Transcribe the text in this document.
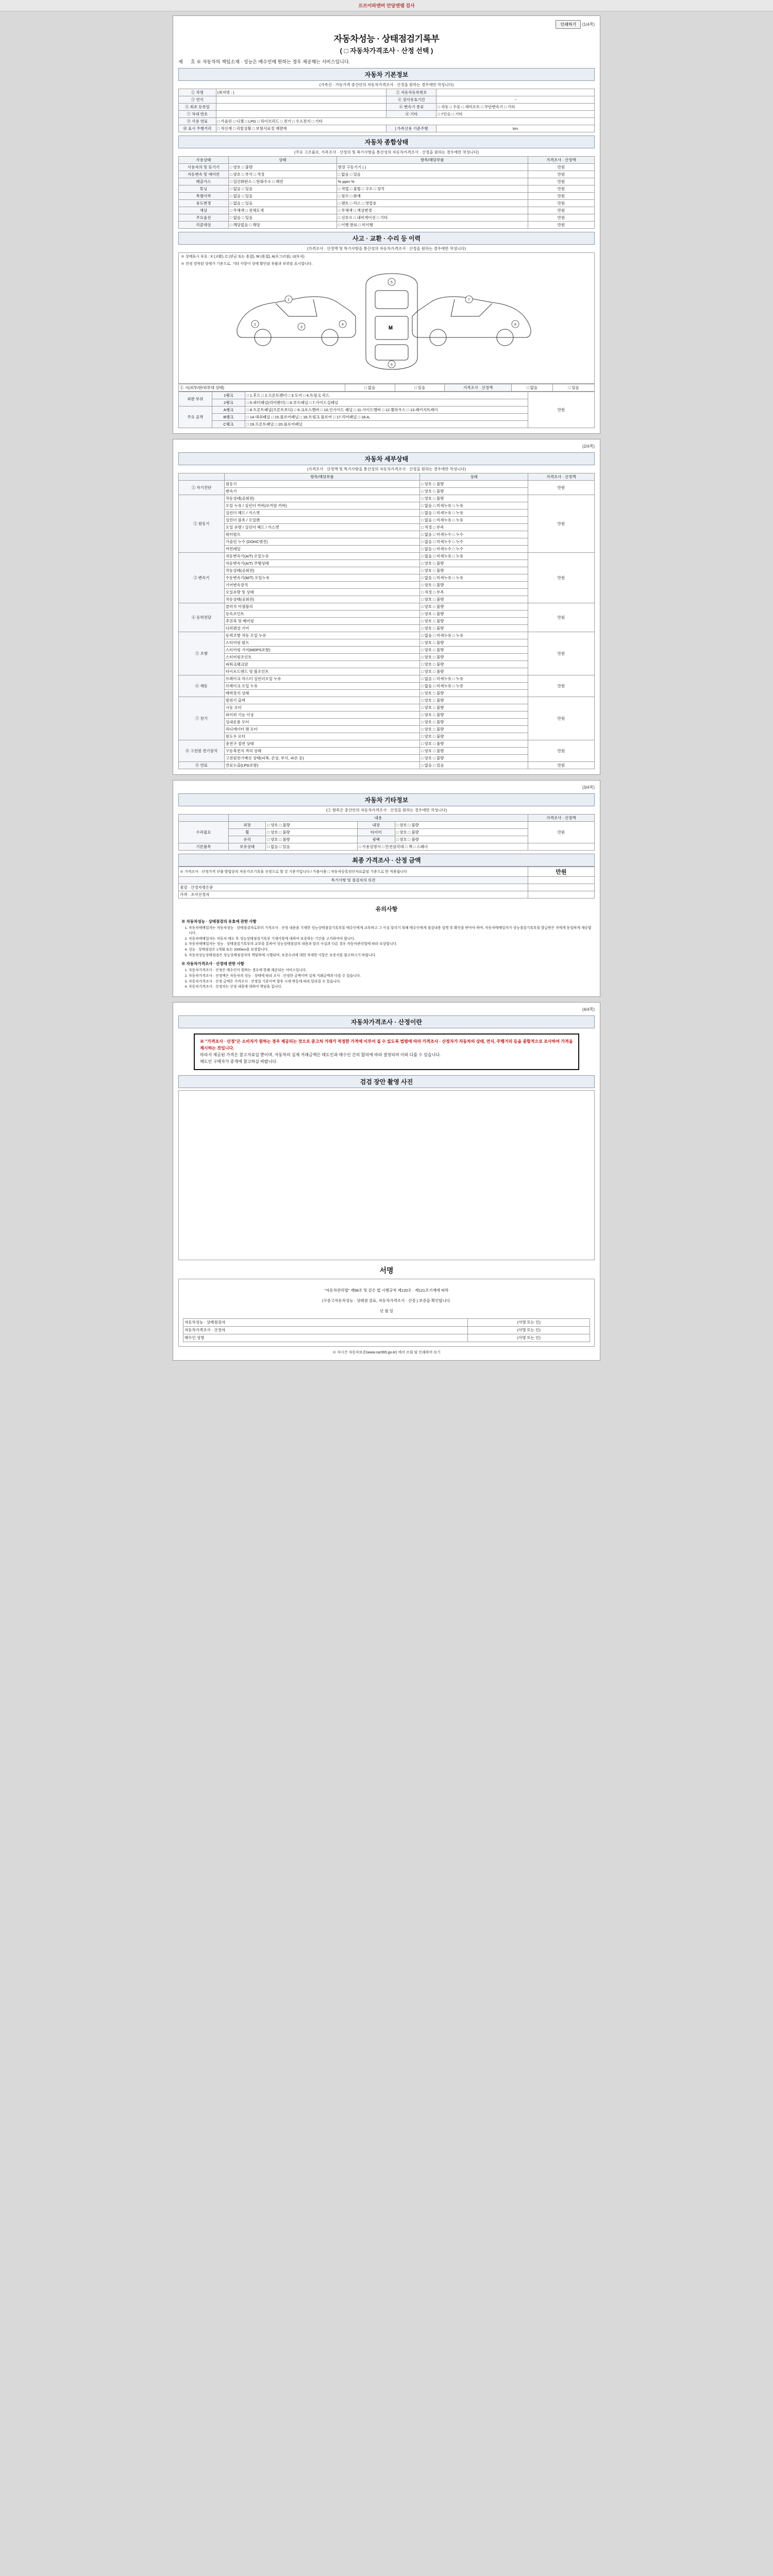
르쓰어파앤버 안당앤램 검사
인쇄하기 (1/4쪽)
자동차성능 · 상태점검기록부
( □ 자동차가격조사 · 산정 선택 )
제	호 ※ 자동차의 책임소재 · 성능은 매수인에 원하는 경우 제공해는 서비스입니다.
자동차 기본정보
(가족신 · 가동가격 중산안의 자동차가격조사 · 산정을 원하는 경우에만 작성니다)
① 차명	(최저명 : )	② 자동차등록번호	
③ 연식		④ 검사유효기간	~
⑤ 최초 등록일		⑥ 변속기 종류	□ 자동 □ 수동 □ 세미오토 □ 무단변속기 □ 기타
⑦ 차대 번호		⑧ 기타	□ 7인승 □ 기타
⑨ 사용 연료	□ 가솔린 □ 디젤 □ LPG □ 하이브리드 □ 전기 □ 수소전지 □ 기타		
⑩ 표시 주행거리	□ 적산계 □ 리빌상황 □ 보험사료정 계량계	| 가족산용 기준주행	km
자동차 종합상태
(주요 고조율로, 가족조사 · 산정의 및 복기사항을 통산성의 자동차가격조사 · 산정을 원하는 경우에만 작성니다)
사용상태	상태	항목/해당부품	가격조사 · 산정액
사용자의 및 등기기	□ 양호 □ 불량	현장 구동기기 ( )	만원
자동변속 및 에어컨	□ 양호 □ 부식 □ 적정	□ 없음 □ 있음	만원
배출가스	□ 일산화탄소 □ 탄화수소 □ 매연	% ppm %	만원
튜닝	□ 없음 □ 있음	□ 적법 □ 불법 □ 구조 □ 장치	만원
특별이력	□ 없음 □ 있음	□ 침수 □ 화재	만원
용도변경	□ 없음 □ 있음	□ 렌트 □ 리스 □ 영업용	만원
색상	□ 무채색 □ 전체도색	□ 무채색 □ 색상변경	만원
주요옵션	□ 없음 □ 있음	□ 선루프 □ 내비게이션 □ 기타	만원
리콜대상	□ 해당없음 □ 해당	□ 이행 완료 □ 미이행	만원
사고 · 교환 · 수리 등 이력
(가격조사 · 산정액 및 특기사항을 통산성의 자동차가격조사 · 산정을 원하는 경우에만 작성니다)
※ 상태표시 부호 : X (교환), C (판금 또는 용접), W (용접), A(우그러짐), U(부식)
※ 전정 장착된 상태가 기준으로, 기타 사항이 상태 확인된 부품과 부위를 표시합니다.
M
1
2
3
4
5
6
7
8
① 시(외부/판/외부대 상태)	□ 없음	□ 있음	가격조사 · 산정액	□ 없음	□ 있음
외판 부위	1랭크	□ 1.후드 □ 2.프론트펜더 □ 3.도어 □ 4.트렁크 리드	만원
	2랭크	□ 5.쿼터패널(리어펜더) □ 6.루프패널 □ 7.사이드실패널	
주요 골격	A랭크	□ 8.프론트패널(프론트보디) □ 9.크로스멤버 □ 10.인사이드 패널 □ 11.사이드멤버 □ 12.휠하우스 □ 13.패키지트레이	
	B랭크	□ 14.대쉬패널 □ 15.플로어패널 □ 16.트렁크 플로어 □ 17.리어패널 □ 18.A,	
	C랭크	□ 19.프론트패널 □ 20.플로어패널	
(2/4쪽)
자동차 세부상태
(가격조사 · 산정액 및 특기사항을 통산성의 자동차가격조사 · 산정을 원하는 경우에만 작성니다)
	항목/해당부품	상태	가격조사 · 산정액
① 자기진단	원동기	□ 양호 □ 불량	만원
	변속기	□ 양호 □ 불량	
② 원동기	작동상태(공회전)	□ 양호 □ 불량	만원
	오일 누유 / 실린더 커버(로커암 커버)	□ 없음 □ 미세누유 □ 누유	
	실린더 헤드 / 가스켓	□ 없음 □ 미세누유 □ 누유	
	실린더 블록 / 오일팬	□ 없음 □ 미세누유 □ 누유	
	오일 유량 / 실린더 헤드 / 가스켓	□ 적정 □ 부족	
	워터펌프	□ 없음 □ 미세누수 □ 누수	
	가솔린 누수 (DOHC엔진)	□ 없음 □ 미세누수 □ 누수	
	커먼레일	□ 없음 □ 미세누수 □ 누수	
③ 변속기	자동변속기(A/T) 오일누유	□ 없음 □ 미세누유 □ 누유	만원
	자동변속기(A/T) 주행상태	□ 양호 □ 불량	
	작동상태(공회전)	□ 양호 □ 불량	
	수동변속기(M/T) 오일누유	□ 없음 □ 미세누유 □ 누유	
	기어변속장치	□ 양호 □ 불량	
	오일유량 및 상태	□ 적정 □ 부족	
	작동상태(공회전)	□ 양호 □ 불량	
④ 동력전달	클러치 어셈블리	□ 양호 □ 불량	만원
	등속조인트	□ 양호 □ 불량	
	추진축 및 베어링	□ 양호 □ 불량	
	디퍼렌셜 기어	□ 양호 □ 불량	
⑤ 조향	동력조향 작동 오일 누유	□ 없음 □ 미세누유 □ 누유	만원
	스티어링 펌프	□ 양호 □ 불량	
	스티어링 기어(MDPS포함)	□ 양호 □ 불량	
	스티어링조인트	□ 양호 □ 불량	
	파워크랭크암	□ 양호 □ 불량	
	타이로드엔드 및 볼조인트	□ 양호 □ 불량	
⑥ 제동	브레이크 마스터 실린더오일 누유	□ 없음 □ 미세누유 □ 누유	만원
	브레이크 오일 누유	□ 없음 □ 미세누유 □ 누유	
	배력장치 상태	□ 양호 □ 불량	
⑦ 전기	발전기 출력	□ 양호 □ 불량	만원
	시동 모터	□ 양호 □ 불량	
	와이퍼 기능 이상	□ 양호 □ 불량	
	실내송풍 모터	□ 양호 □ 불량	
	라디에이터 팬 모터	□ 양호 □ 불량	
	윈도우 모터	□ 양호 □ 불량	
⑧ 고전원 전기장치	충전구 절연 상태	□ 양호 □ 불량	만원
	구동축전지 격리 상태	□ 양호 □ 불량	
	고전원전기배선 상태(피복, 손상, 부식, 파손 등)	□ 양호 □ 불량	
⑨ 연료	연료누출(LPG포함)	□ 없음 □ 있음	만원
(3/4쪽)
자동차 기타정보
(② 항목은 중산안의 자동차가격조사 · 산정을 원하는 경우에만 작성니다)
	내용				가격조사 · 산정액
수리필요	외장	□ 양호 □ 불량	내장	□ 양호 □ 불량	만원
	휠	□ 양호 □ 불량	타이어	□ 양호 □ 불량	
	유리	□ 양호 □ 불량	광택	□ 양호 □ 불량	
기본품목	보유상태	□ 없음 □ 있음	□ 사용설명서 □ 안전삼각대 □ 잭 □ 스패너		
최종 가격조사 · 산정 금액
※ 가격조사 · 산정가격 산출 방법중의 자동가조기록을 선정으로 할 것 기준가입니다 / 가출사용 □ 자동차등록전산자료값임 기준으로 한 적용됩니다	만원
특기사항 및 점검자의 의견	
점검 · 산정자명은문	
가격 · 조사산정자	
유의사항
※ 자동차성능 · 상태점검의 유효에 관한 사항
1. 자동차매매업자는 자동차성능 · 상태점검자로부터 가격조사 · 산정 내용을 기재한 성능상태점검기록부를 매수인에게 교부하고 그 사실 알리기 위해 매수인에게 점검내용 설명 후 확인을 받아야 하며, 자동차매매업자가 성능점검기록부를 발급받은 자에게 동일하게 제공합니다.
2. 자동차매매업자는 자동차 매도 후 성능상태점검기록부 기재사항에 대하여 보증하는 기간을 고지하여야 합니다.
3. 자동차매매업자는 성능 · 상태점검기록부의 교부를 통하여 성능상태점검의 내용과 달리 사실과 다른 경우 자동차관리법에 따라 보상합니다.
4. 성능 · 상태점검은 1개월 또는 2000km를 보장합니다.
5. 자동차성능상태점검은 성능상태점검자의 책임하에 시행되며, 보증수리에 대한 자세한 사항은 보증서를 참고하시기 바랍니다.
※ 자동차가격조사 · 산정에 관한 사항
1. 자동차가격조사 · 산정은 매수인이 원하는 경우에 한해 제공되는 서비스입니다.
2. 자동차가격조사 · 산정액은 자동차의 성능 · 상태에 따라 조사 · 산정한 금액이며 실제 거래금액과 다를 수 있습니다.
3. 자동차가격조사 · 산정 금액은 가격조사 · 산정일 기준이며 향후 시세 변동에 따라 달라질 수 있습니다.
4. 자동차가격조사 · 산정자는 산정 내용에 대하여 책임을 집니다.
(4/4쪽)
자동차가격조사 · 산정이란
※ "가격조사 · 산정"은 소비자가 원하는 경우 제공되는 것으로 중고차 거래가 적정한 가격에 이루어 질 수 있도록 법령에 따라 가격조사 · 산정자가 자동차의 상태, 연식, 주행거리 등을 종합적으로 조사하여 가격을 제시하는 것입니다.
따라서 제공된 가격은 참고자료일 뿐이며, 자동차의 실제 거래금액은 매도인과 매수인 간의 합의에 따라 결정되며 이와 다를 수 있습니다.
매도인 구매자가 중개에 참고하실 바랍니다.
검검 장안 촬영 사진
서명
"자동차관리법" 제58조 및 같은 법 시행규칙 제120조 · 제121조기재에 따라
(구중고자동차성능 · 상태점 검표, 자동차가격조사 · 산정 ) 보증을 확인합니다.
년 월 일
자동차성능 · 상태점검자	(서명 또는 인)
자동차가격조사 · 산정자	(서명 또는 인)
매수인 성명	(서명 또는 인)
※ 저시간 자동차보증(www.car365.go.kr) 에서 조회 및 인쇄하여 보기
